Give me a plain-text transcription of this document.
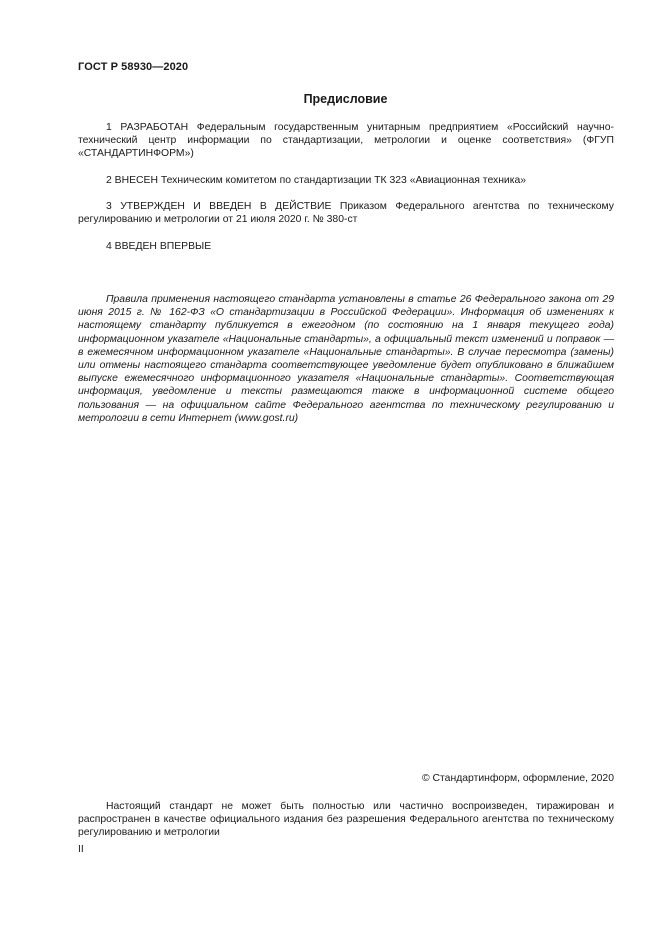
ГОСТ Р 58930—2020
Предисловие
1 РАЗРАБОТАН Федеральным государственным унитарным предприятием «Российский научно-технический центр информации по стандартизации, метрологии и оценке соответствия» (ФГУП «СТАНДАРТИНФОРМ»)
2 ВНЕСЕН Техническим комитетом по стандартизации ТК 323 «Авиационная техника»
3 УТВЕРЖДЕН И ВВЕДЕН В ДЕЙСТВИЕ Приказом Федерального агентства по техническому регулированию и метрологии от 21 июля 2020 г. № 380-ст
4 ВВЕДЕН ВПЕРВЫЕ
Правила применения настоящего стандарта установлены в статье 26 Федерального закона от 29 июня 2015 г. № 162-ФЗ «О стандартизации в Российской Федерации». Информация об изменениях к настоящему стандарту публикуется в ежегодном (по состоянию на 1 января текущего года) информационном указателе «Национальные стандарты», а официальный текст изменений и поправок — в ежемесячном информационном указателе «Национальные стандарты». В случае пересмотра (замены) или отмены настоящего стандарта соответствующее уведомление будет опубликовано в ближайшем выпуске ежемесячного информационного указателя «Национальные стандарты». Соответствующая информация, уведомление и тексты размещаются также в информационной системе общего пользования — на официальном сайте Федерального агентства по техническому регулированию и метрологии в сети Интернет (www.gost.ru)
© Стандартинформ, оформление, 2020
Настоящий стандарт не может быть полностью или частично воспроизведен, тиражирован и распространен в качестве официального издания без разрешения Федерального агентства по техническому регулированию и метрологии
II
